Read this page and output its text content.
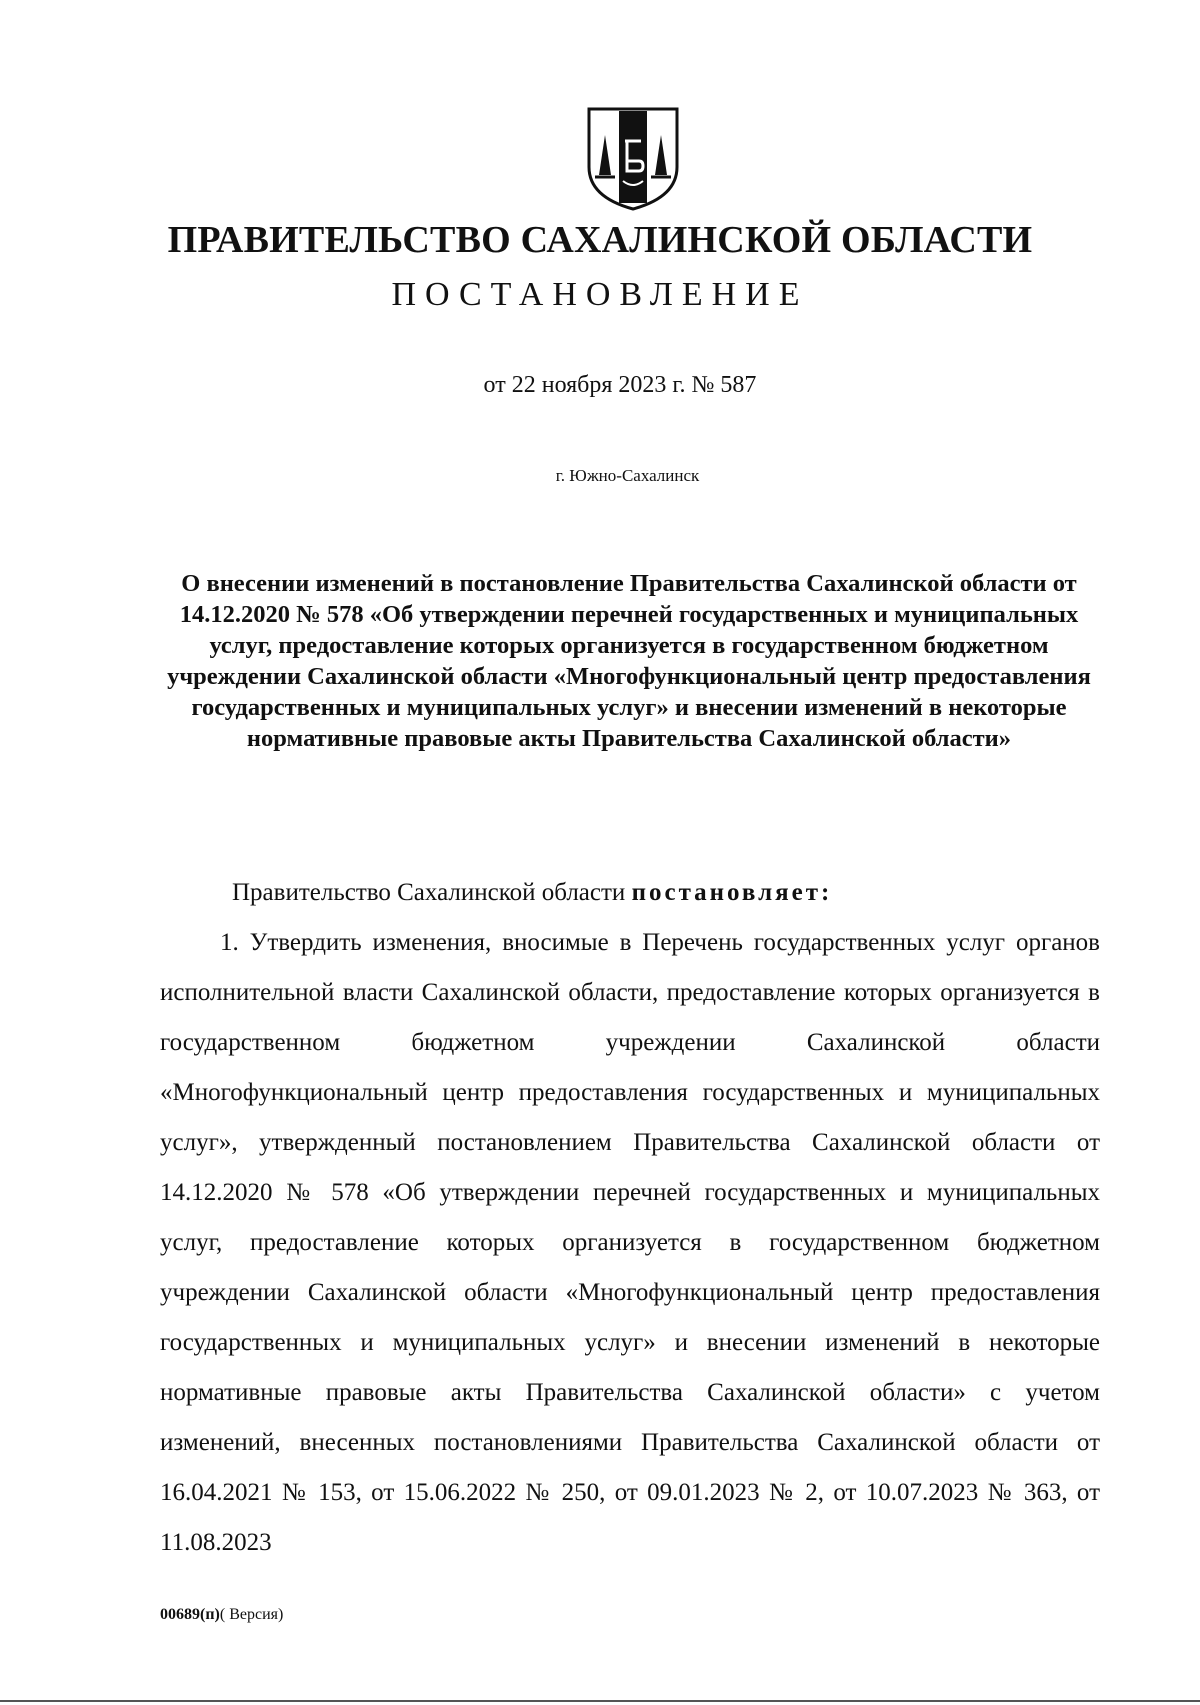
ПРАВИТЕЛЬСТВО САХАЛИНСКОЙ ОБЛАСТИ
ПОСТАНОВЛЕНИЕ
от 22 ноября 2023 г. № 587
г. Южно-Сахалинск
О внесении изменений в постановление Правительства Сахалинской области от 14.12.2020 № 578 «Об утверждении перечней государственных и муниципальных услуг, предоставление которых организуется в государственном бюджетном учреждении Сахалинской области «Многофункциональный центр предоставления государственных и муниципальных услуг» и внесении изменений в некоторые нормативные правовые акты Правительства Сахалинской области»

Правительство Сахалинской области постановляет:

1. Утвердить изменения, вносимые в Перечень государственных услуг органов исполнительной власти Сахалинской области, предоставление которых организуется в государственном бюджетном учреждении Сахалинской области «Многофункциональный центр предоставления государственных и муниципальных услуг», утвержденный постановлением Правительства Сахалинской области от 14.12.2020 № 578 «Об утверждении перечней государственных и муниципальных услуг, предоставление которых организуется в государственном бюджетном учреждении Сахалинской области «Многофункциональный центр предоставления государственных и муниципальных услуг» и внесении изменений в некоторые нормативные правовые акты Правительства Сахалинской области» с учетом изменений, внесенных постановлениями Правительства Сахалинской области от 16.04.2021 № 153, от 15.06.2022 № 250, от 09.01.2023 № 2, от 10.07.2023 № 363, от 11.08.2023

00689(п)( Версия)
